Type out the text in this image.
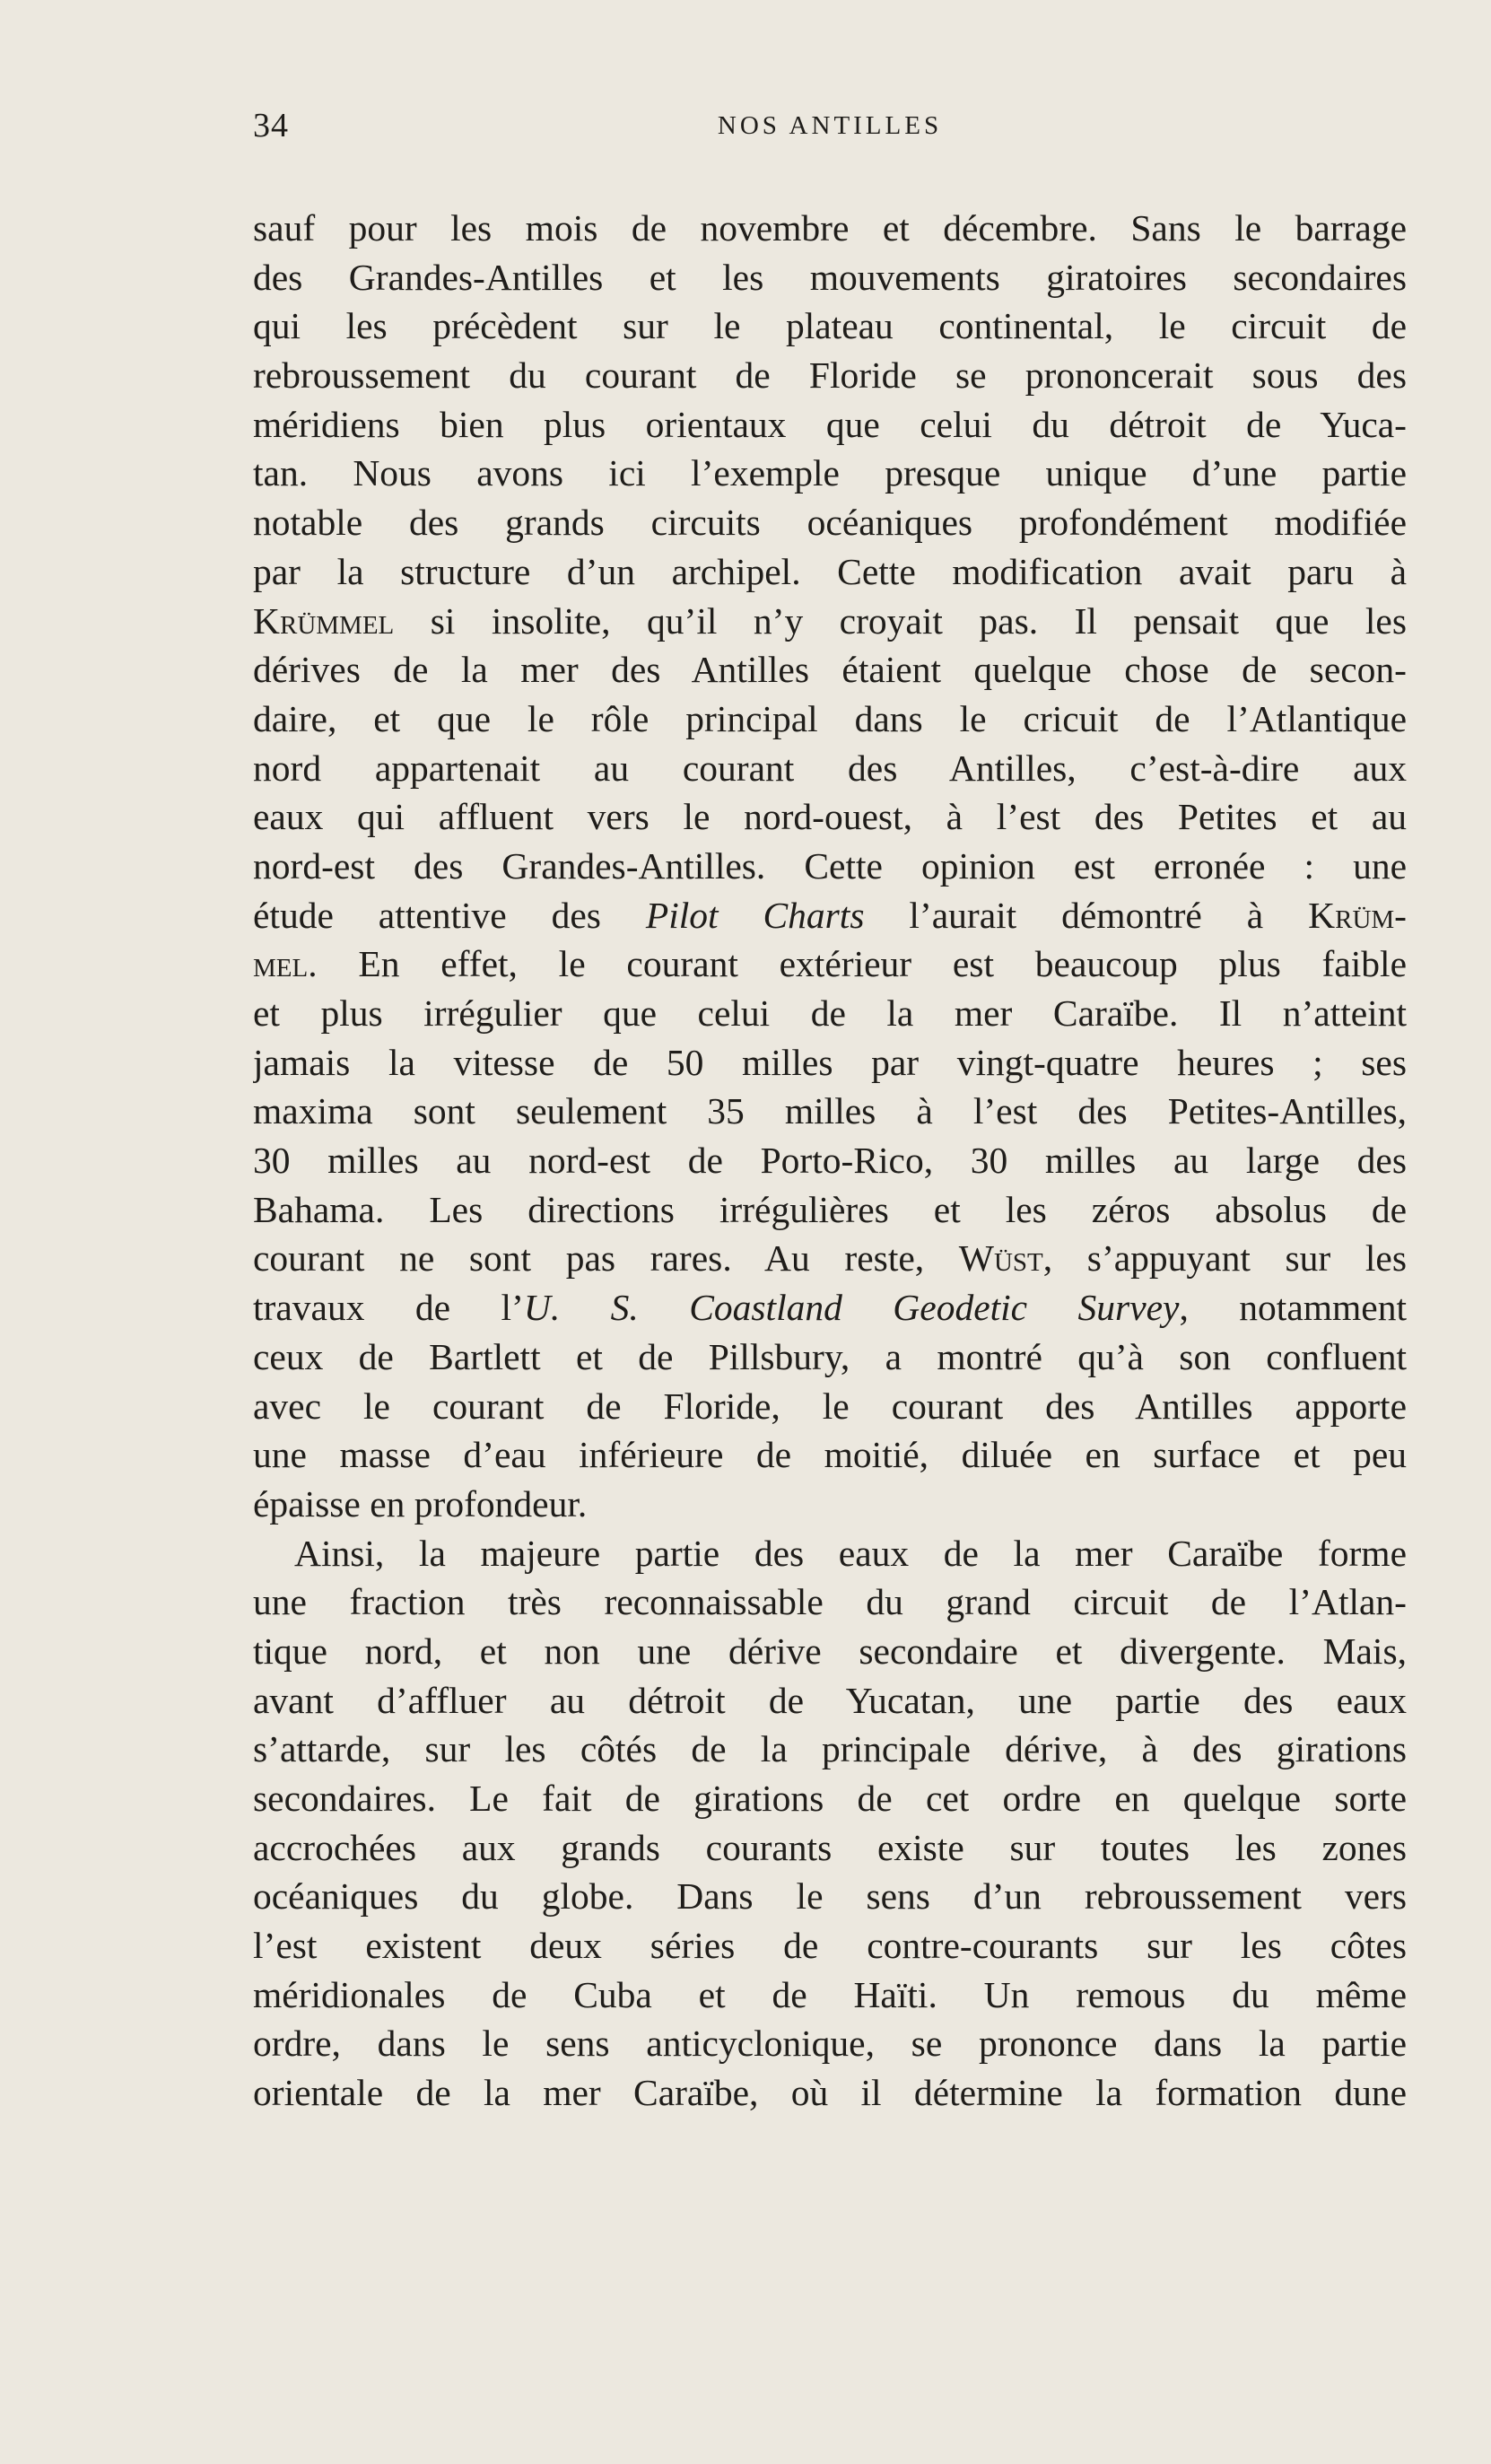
34	NOS ANTILLES
sauf pour les mois de novembre et décembre. Sans le barrage
des Grandes-Antilles et les mouvements giratoires secondaires
qui les précèdent sur le plateau continental, le circuit de
rebroussement du courant de Floride se prononcerait sous des
méridiens bien plus orientaux que celui du détroit de Yuca-
tan. Nous avons ici l’exemple presque unique d’une partie
notable des grands circuits océaniques profondément modifiée
par la structure d’un archipel. Cette modification avait paru à
Krümmel si insolite, qu’il n’y croyait pas. Il pensait que les
dérives de la mer des Antilles étaient quelque chose de secon-
daire, et que le rôle principal dans le cricuit de l’Atlantique
nord appartenait au courant des Antilles, c’est-à-dire aux
eaux qui affluent vers le nord-ouest, à l’est des Petites et au
nord-est des Grandes-Antilles. Cette opinion est erronée : une
étude attentive des Pilot Charts l’aurait démontré à Krüm-
mel. En effet, le courant extérieur est beaucoup plus faible
et plus irrégulier que celui de la mer Caraïbe. Il n’atteint
jamais la vitesse de 50 milles par vingt-quatre heures ; ses
maxima sont seulement 35 milles à l’est des Petites-Antilles,
30 milles au nord-est de Porto-Rico, 30 milles au large des
Bahama. Les directions irrégulières et les zéros absolus de
courant ne sont pas rares. Au reste, Wüst, s’appuyant sur les
travaux de l’U. S. Coastland Geodetic Survey, notamment
ceux de Bartlett et de Pillsbury, a montré qu’à son confluent
avec le courant de Floride, le courant des Antilles apporte
une masse d’eau inférieure de moitié, diluée en surface et peu
épaisse en profondeur.
Ainsi, la majeure partie des eaux de la mer Caraïbe forme
une fraction très reconnaissable du grand circuit de l’Atlan-
tique nord, et non une dérive secondaire et divergente. Mais,
avant d’affluer au détroit de Yucatan, une partie des eaux
s’attarde, sur les côtés de la principale dérive, à des girations
secondaires. Le fait de girations de cet ordre en quelque sorte
accrochées aux grands courants existe sur toutes les zones
océaniques du globe. Dans le sens d’un rebroussement vers
l’est existent deux séries de contre-courants sur les côtes
méridionales de Cuba et de Haïti. Un remous du même
ordre, dans le sens anticyclonique, se prononce dans la partie
orientale de la mer Caraïbe, où il détermine la formation dune
